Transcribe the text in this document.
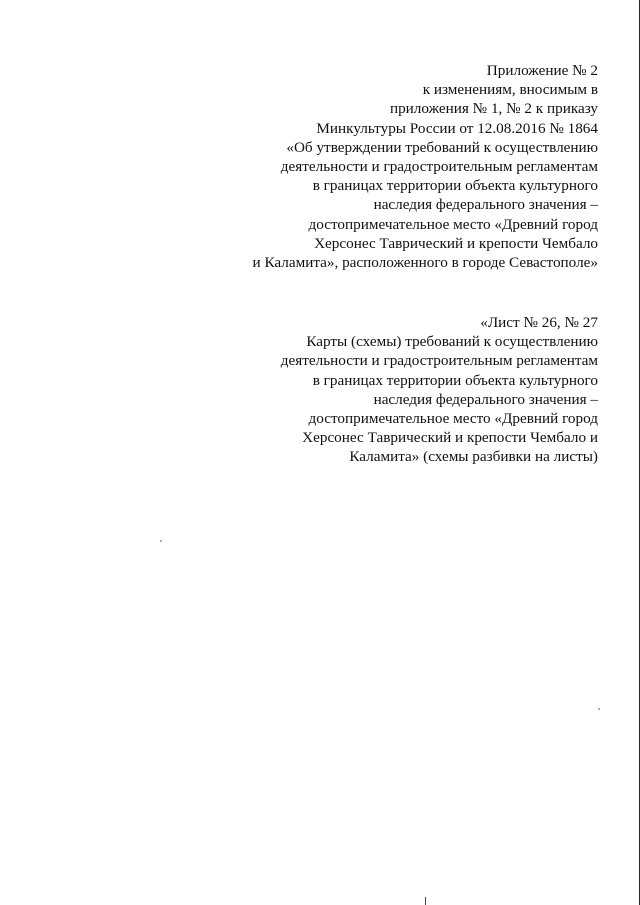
Приложение № 2
к изменениям, вносимым в
приложения № 1, № 2 к приказу
Минкультуры России от 12.08.2016 № 1864
«Об утверждении требований к осуществлению
деятельности и градостроительным регламентам
в границах территории объекта культурного
наследия федерального значения –
достопримечательное место «Древний город
Херсонес Таврический и крепости Чембало
и Каламита», расположенного в городе Севастополе»
«Лист № 26, № 27
Карты (схемы) требований к осуществлению
деятельности и градостроительным регламентам
в границах территории объекта культурного
наследия федерального значения –
достопримечательное место «Древний город
Херсонес Таврический и крепости Чембало и
Каламита» (схемы разбивки на листы)
